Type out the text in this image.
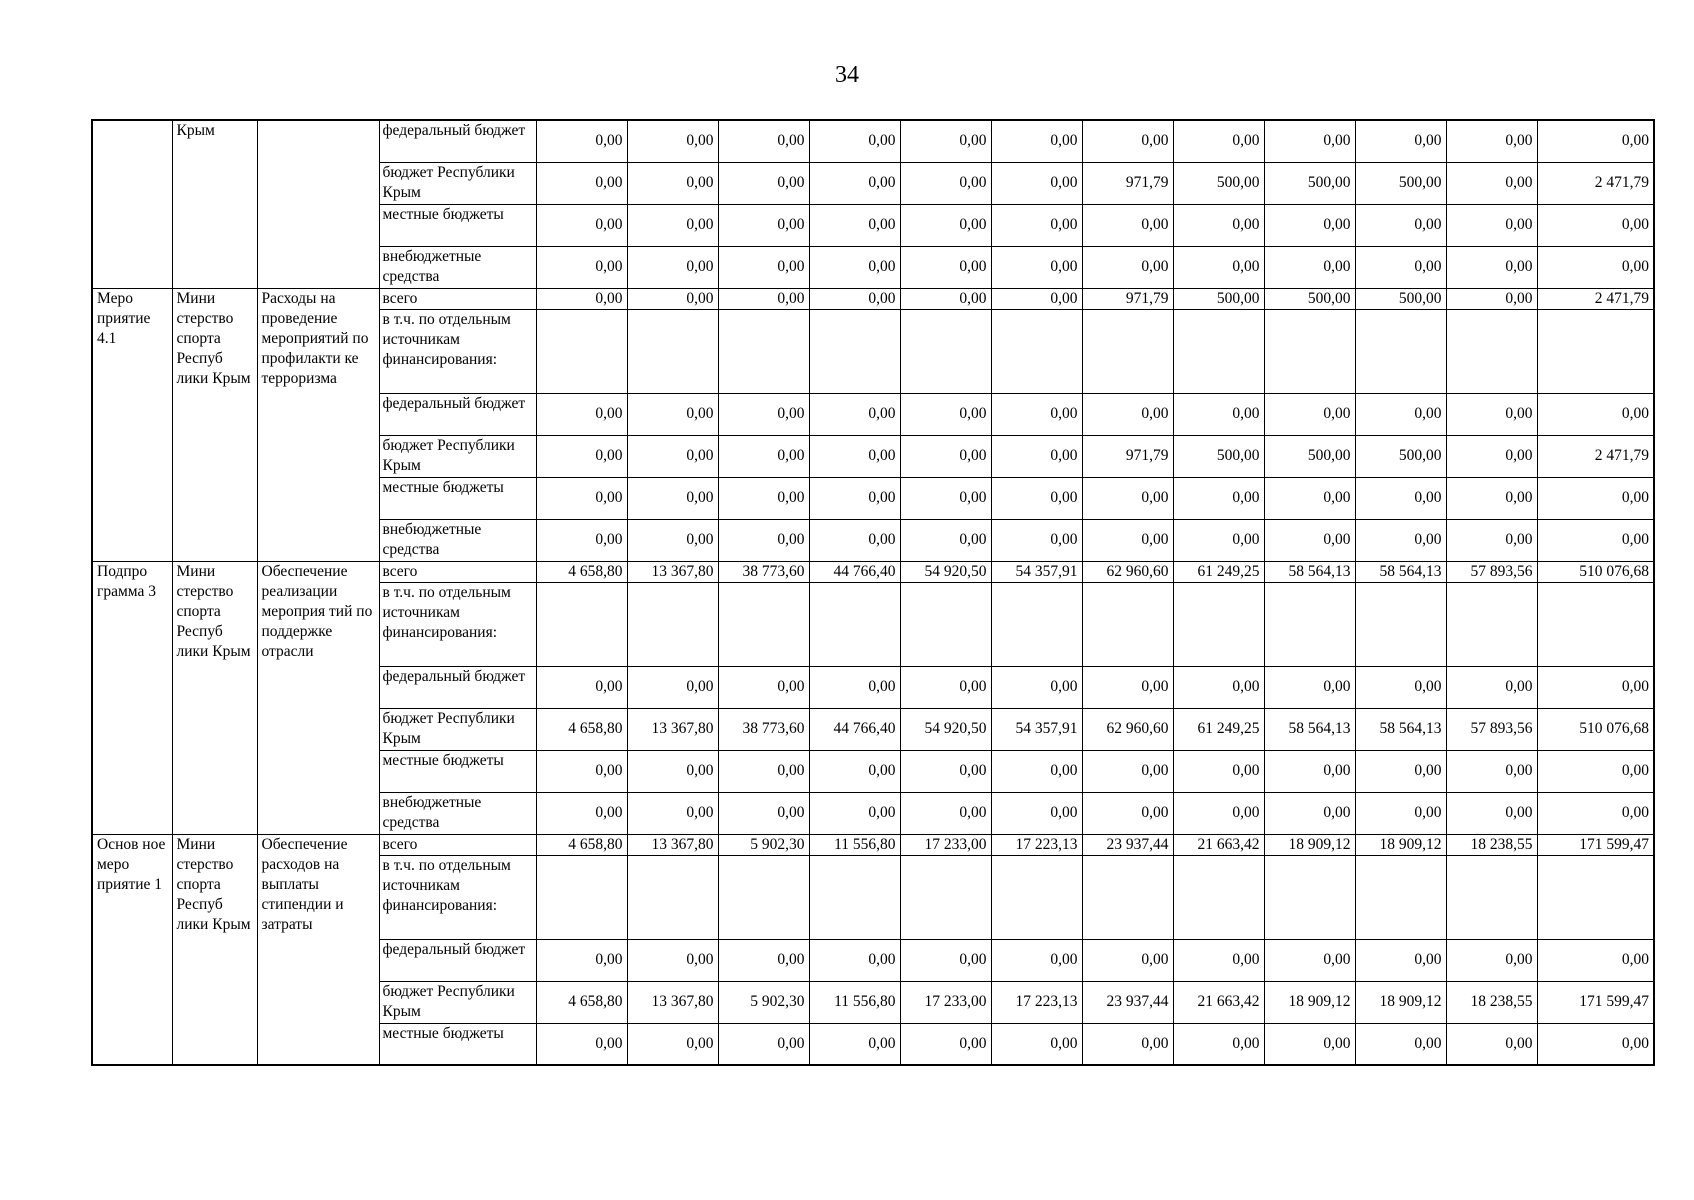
34
	Крым		федеральный бюджет	0,00	0,00	0,00	0,00	0,00	0,00	0,00	0,00	0,00	0,00	0,00	0,00
			бюджет Республики Крым	0,00	0,00	0,00	0,00	0,00	0,00	971,79	500,00	500,00	500,00	0,00	2 471,79
			местные бюджеты	0,00	0,00	0,00	0,00	0,00	0,00	0,00	0,00	0,00	0,00	0,00	0,00
			внебюджетные средства	0,00	0,00	0,00	0,00	0,00	0,00	0,00	0,00	0,00	0,00	0,00	0,00
Меро приятие 4.1	Мини стерство спорта Респуб лики Крым	Расходы на проведение мероприятий по профилакти ке терроризма	всего	0,00	0,00	0,00	0,00	0,00	0,00	971,79	500,00	500,00	500,00	0,00	2 471,79
			в т.ч. по отдельным источникам финансирования:												
			федеральный бюджет	0,00	0,00	0,00	0,00	0,00	0,00	0,00	0,00	0,00	0,00	0,00	0,00
			бюджет Республики Крым	0,00	0,00	0,00	0,00	0,00	0,00	971,79	500,00	500,00	500,00	0,00	2 471,79
			местные бюджеты	0,00	0,00	0,00	0,00	0,00	0,00	0,00	0,00	0,00	0,00	0,00	0,00
			внебюджетные средства	0,00	0,00	0,00	0,00	0,00	0,00	0,00	0,00	0,00	0,00	0,00	0,00
Подпро грамма 3	Мини стерство спорта Респуб лики Крым	Обеспечение реализации мероприя тий по поддержке отрасли	всего	4 658,80	13 367,80	38 773,60	44 766,40	54 920,50	54 357,91	62 960,60	61 249,25	58 564,13	58 564,13	57 893,56	510 076,68
			в т.ч. по отдельным источникам финансирования:												
			федеральный бюджет	0,00	0,00	0,00	0,00	0,00	0,00	0,00	0,00	0,00	0,00	0,00	0,00
			бюджет Республики Крым	4 658,80	13 367,80	38 773,60	44 766,40	54 920,50	54 357,91	62 960,60	61 249,25	58 564,13	58 564,13	57 893,56	510 076,68
			местные бюджеты	0,00	0,00	0,00	0,00	0,00	0,00	0,00	0,00	0,00	0,00	0,00	0,00
			внебюджетные средства	0,00	0,00	0,00	0,00	0,00	0,00	0,00	0,00	0,00	0,00	0,00	0,00
Основ ное меро приятие 1	Мини стерство спорта Респуб лики Крым	Обеспечение расходов на выплаты стипендии и затраты	всего	4 658,80	13 367,80	5 902,30	11 556,80	17 233,00	17 223,13	23 937,44	21 663,42	18 909,12	18 909,12	18 238,55	171 599,47
			в т.ч. по отдельным источникам финансирования:												
			федеральный бюджет	0,00	0,00	0,00	0,00	0,00	0,00	0,00	0,00	0,00	0,00	0,00	0,00
			бюджет Республики Крым	4 658,80	13 367,80	5 902,30	11 556,80	17 233,00	17 223,13	23 937,44	21 663,42	18 909,12	18 909,12	18 238,55	171 599,47
			местные бюджеты	0,00	0,00	0,00	0,00	0,00	0,00	0,00	0,00	0,00	0,00	0,00	0,00
